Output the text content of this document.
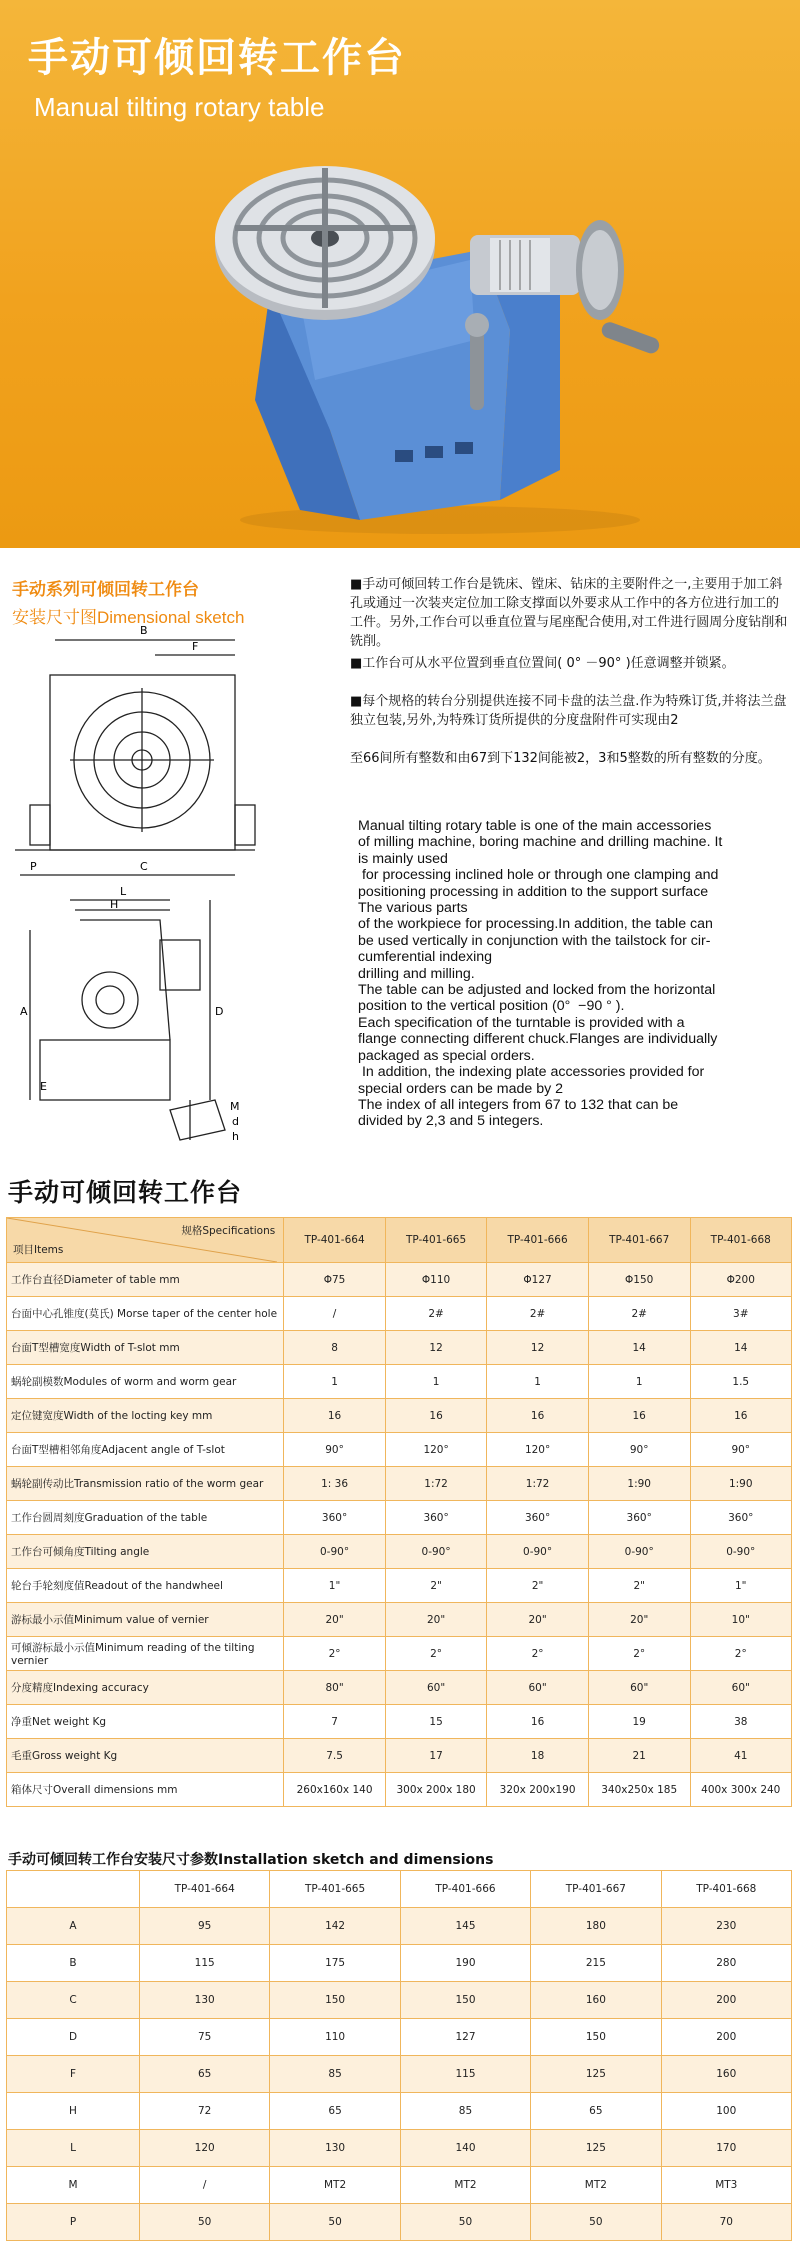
手动可倾回转工作台
Manual tilting rotary table
手动系列可倾回转工作台
安装尺寸图Dimensional sketch
B
F
P	C
L
H
A	D
E
M
d
h
■手动可倾回转工作台是铣床、镗床、钻床的主要附件之一,主要用于加工斜孔或通过一次装夹定位加工除支撑面以外要求从工作中的各方位进行加工的工件。另外,工作台可以垂直位置与尾座配合使用,对工件进行圆周分度钻削和铣削。
■工作台可从水平位置到垂直位置间( 0° －90° )任意调整并锁紧。
■每个规格的转台分别提供连接不同卡盘的法兰盘.作为特殊订货,并将法兰盘独立包装,另外,为特殊订货所提供的分度盘附件可实现由2
至66间所有整数和由67到下132间能被2，3和5整数的所有整数的分度。
Manual tilting rotary table is one of the main accessories
of milling machine, boring machine and drilling machine. It
is mainly used
for processing inclined hole or through one clamping and
positioning processing in addition to the support surface
The various parts
of the workpiece for processing.In addition, the table can
be used vertically in conjunction with the tailstock for cir-
cumferential indexing
drilling and milling.
The table can be adjusted and locked from the horizontal
position to the vertical position (0°  −90 ° ).
Each specification of the turntable is provided with a
flange connecting different chuck.Flanges are individually
packaged as special orders.
In addition, the indexing plate accessories provided for
special orders can be made by 2
The index of all integers from 67 to 132 that can be
divided by 2,3 and 5 integers.
手动可倾回转工作台
规格Specifications
项目Items	TP-401-664	TP-401-665	TP-401-666	TP-401-667	TP-401-668
工作台直径Diameter of table mm	Φ75	Φ110	Φ127	Φ150	Φ200
台面中心孔锥度(莫氏) Morse taper of the center hole	/	2#	2#	2#	3#
台面T型槽宽度Width of T-slot mm	8	12	12	14	14
蜗轮副模数Modules of worm and worm gear	1	1	1	1	1.5
定位键宽度Width of the locting key mm	16	16	16	16	16
台面T型槽相邻角度Adjacent angle of T-slot	90°	120°	120°	90°	90°
蜗轮副传动比Transmission ratio of the worm gear	1: 36	1:72	1:72	1:90	1:90
工作台圆周刻度Graduation of the table	360°	360°	360°	360°	360°
工作台可倾角度Tilting angle	0-90°	0-90°	0-90°	0-90°	0-90°
轮台手轮刻度值Readout of the handwheel	1"	2"	2"	2"	1"
游标最小示值Minimum value of vernier	20"	20"	20"	20"	10"
可倾游标最小示值Minimum reading of the tilting vernier	2°	2°	2°	2°	2°
分度精度Indexing accuracy	80"	60"	60"	60"	60"
净重Net weight Kg	7	15	16	19	38
毛重Gross weight Kg	7.5	17	18	21	41
箱体尺寸Overall dimensions mm	260x160x 140	300x 200x 180	320x 200x190	340x250x 185	400x 300x 240
手动可倾回转工作台安装尺寸参数Installation sketch and dimensions
	TP-401-664	TP-401-665	TP-401-666	TP-401-667	TP-401-668
A	95	142	145	180	230
B	115	175	190	215	280
C	130	150	150	160	200
D	75	110	127	150	200
F	65	85	115	125	160
H	72	65	85	65	100
L	120	130	140	125	170
M	/	MT2	MT2	MT2	MT3
P	50	50	50	50	70
